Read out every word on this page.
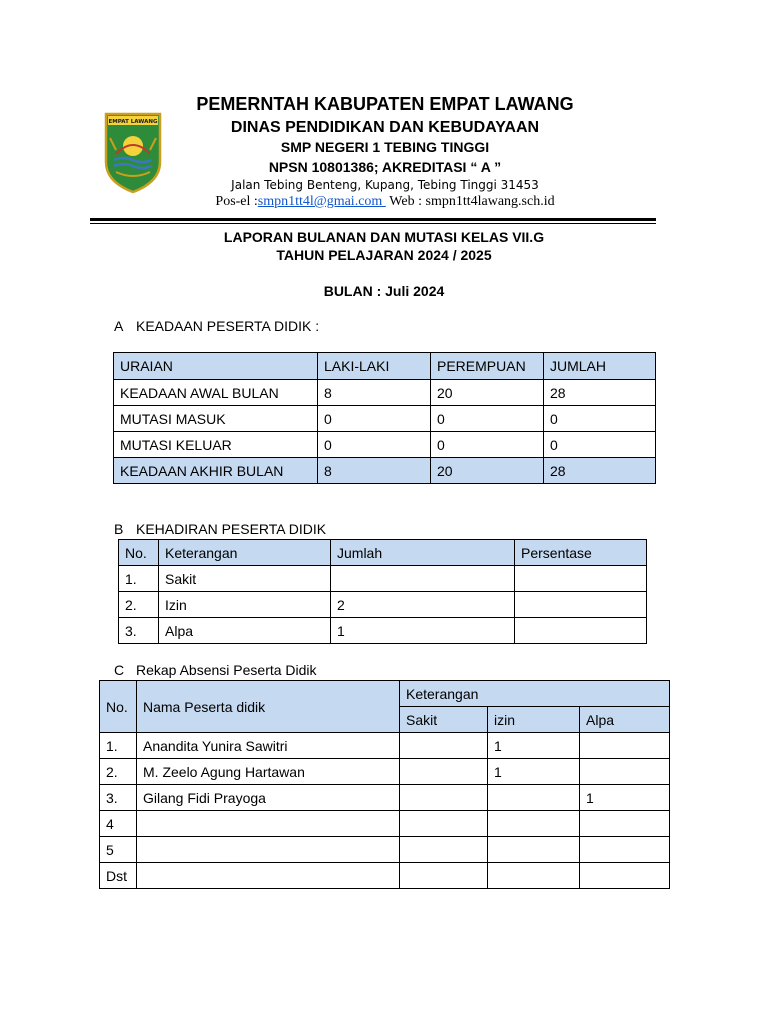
EMPAT LAWANG
PEMERNTAH KABUPATEN EMPAT LAWANG
DINAS PENDIDIKAN DAN KEBUDAYAAN
SMP NEGERI 1 TEBING TINGGI
NPSN 10801386; AKREDITASI “ A ”
Jalan Tebing Benteng, Kupang, Tebing Tinggi 31453
Pos-el :smpn1tt4l@gmai.com  Web : smpn1tt4lawang.sch.id
LAPORAN BULANAN DAN MUTASI KELAS VII.G
TAHUN PELAJARAN 2024 / 2025
BULAN : Juli 2024
A KEADAAN PESERTA DIDIK :
URAIAN	LAKI-LAKI	PEREMPUAN	JUMLAH
KEADAAN AWAL BULAN	8	20	28
MUTASI MASUK	0	0	0
MUTASI KELUAR	0	0	0
KEADAAN AKHIR BULAN	8	20	28
B KEHADIRAN PESERTA DIDIK
No.	Keterangan	Jumlah	Persentase
1.	Sakit		
2.	Izin	2	
3.	Alpa	1	
C Rekap Absensi Peserta Didik
No.	Nama Peserta didik	Keterangan		
		Sakit	izin	Alpa
1.	Anandita Yunira Sawitri		1	
2.	M. Zeelo Agung Hartawan		1	
3.	Gilang Fidi Prayoga			1
4				
5				
Dst				
